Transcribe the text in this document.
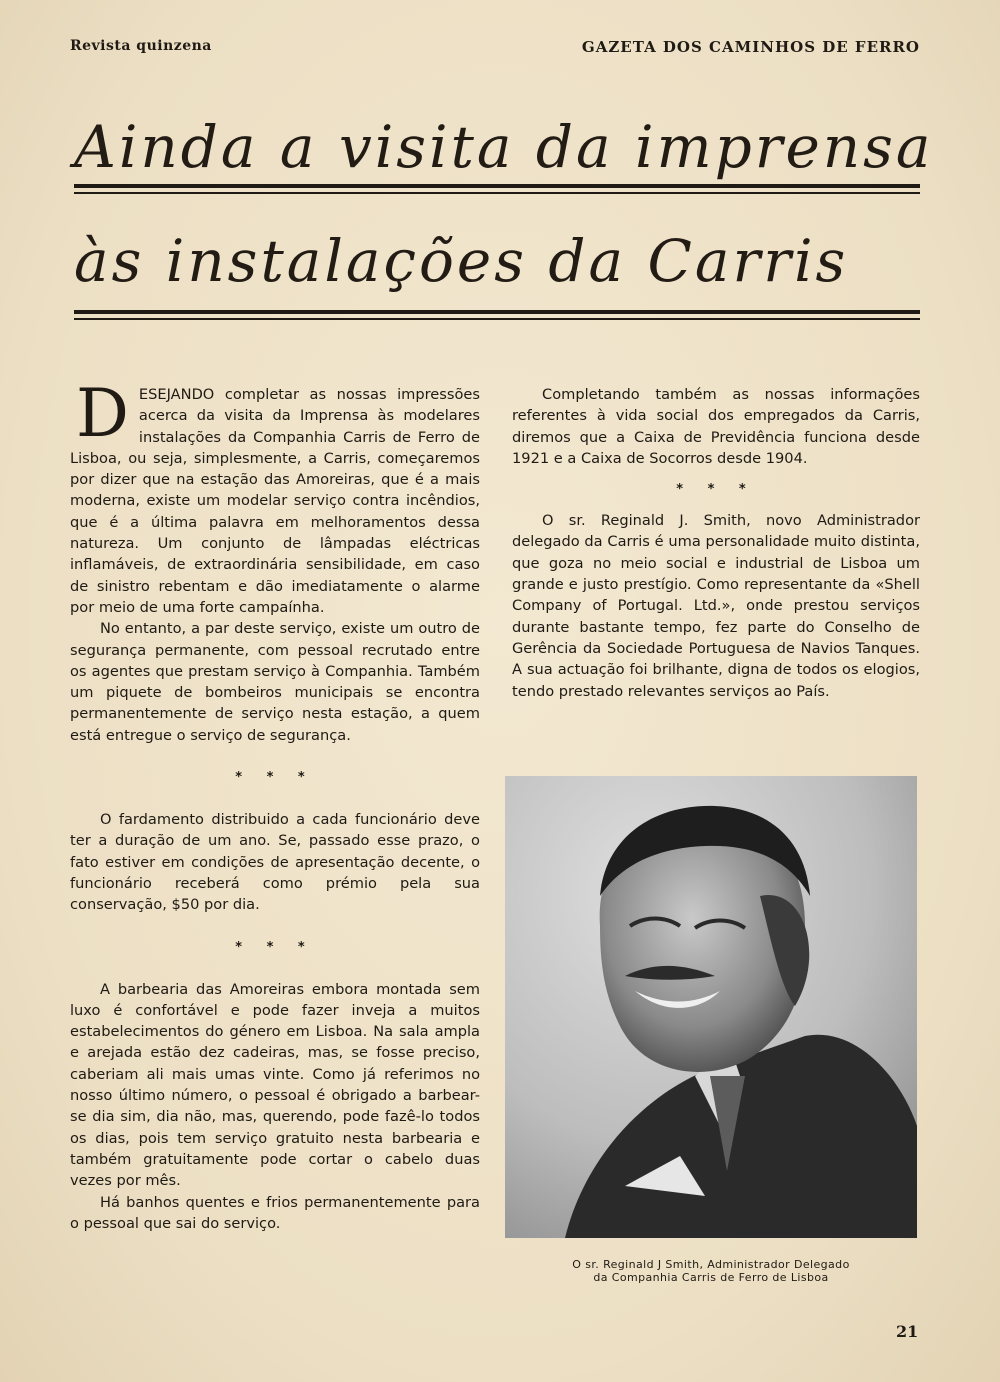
Revista quinzena	GAZETA DOS CAMINHOS DE FERRO
Ainda a visita da imprensa
às instalações da Carris

DESEJANDO completar as nossas impressões acerca da visita da Imprensa às modelares instalações da Companhia Carris de Ferro de Lisboa, ou seja, simplesmente, a Carris, começaremos por dizer que na estação das Amoreiras, que é a mais moderna, existe um modelar serviço contra incêndios, que é a última palavra em melhoramentos dessa natureza. Um conjunto de lâmpadas eléctricas inflamáveis, de extraordinária sensibilidade, em caso de sinistro rebentam e dão imediatamente o alarme por meio de uma forte campaínha.

No entanto, a par deste serviço, existe um outro de segurança permanente, com pessoal recrutado entre os agentes que prestam serviço à Companhia. Também um piquete de bombeiros municipais se encontra permanentemente de serviço nesta estação, a quem está entregue o serviço de segurança.

* * *

O fardamento distribuido a cada funcionário deve ter a duração de um ano. Se, passado esse prazo, o fato estiver em condições de apresentação decente, o funcionário receberá como prémio pela sua conservação, $50 por dia.

* * *

A barbearia das Amoreiras embora montada sem luxo é confortável e pode fazer inveja a muitos estabelecimentos do género em Lisboa. Na sala ampla e arejada estão dez cadeiras, mas, se fosse preciso, caberiam ali mais umas vinte. Como já referimos no nosso último número, o pessoal é obrigado a barbear-se dia sim, dia não, mas, querendo, pode fazê-lo todos os dias, pois tem serviço gratuito nesta barbearia e também gratuitamente pode cortar o cabelo duas vezes por mês.

Há banhos quentes e frios permanentemente para o pessoal que sai do serviço.

Completando também as nossas informações referentes à vida social dos empregados da Carris, diremos que a Caixa de Previdência funciona desde 1921 e a Caixa de Socorros desde 1904.

* * *

O sr. Reginald J. Smith, novo Administrador delegado da Carris é uma personalidade muito distinta, que goza no meio social e industrial de Lisboa um grande e justo prestígio. Como representante da «Shell Company of Portugal. Ltd.», onde prestou serviços durante bastante tempo, fez parte do Conselho de Gerência da Sociedade Portuguesa de Navios Tanques. A sua actuação foi brilhante, digna de todos os elogios, tendo prestado relevantes serviços ao País.

O sr. Reginald J Smith, Administrador Delegado
da Companhia Carris de Ferro de Lisboa
21
